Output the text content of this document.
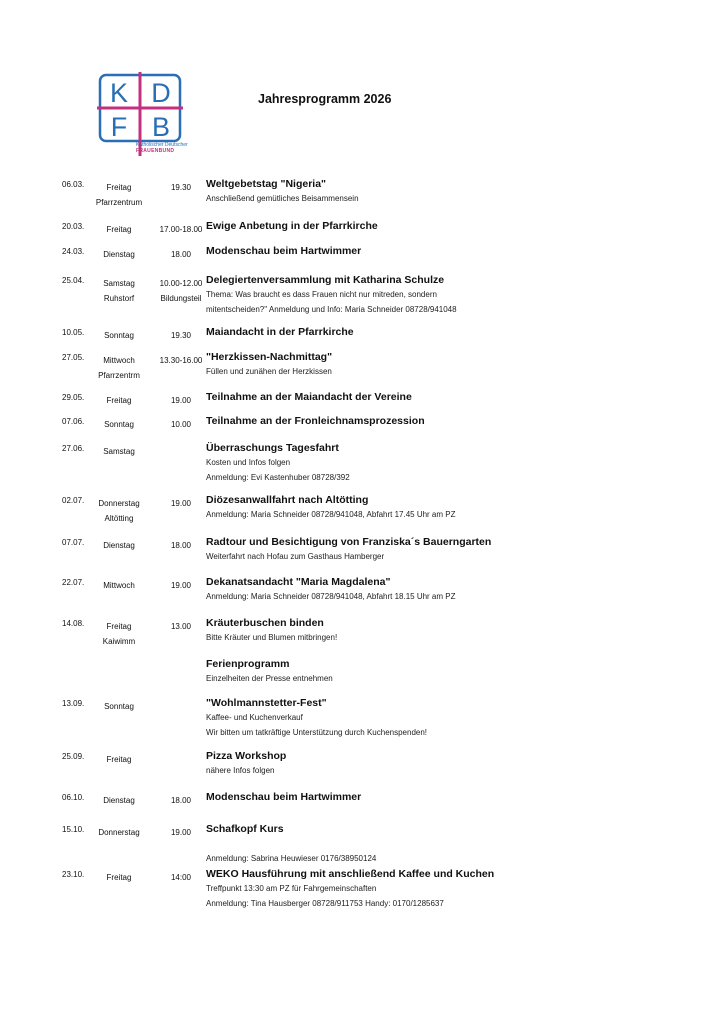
K D
F B
Katholischer Deutscher
FRAUENBUND
Jahresprogramm 2026
06.03.	Freitag
Pfarrzentrum
19.30	Weltgebetstag "Nigeria"
Anschließend gemütliches Beisammensein
20.03.	Freitag	17.00-18.00 Ewige Anbetung in der Pfarrkirche
24.03.	Dienstag	18.00	Modenschau beim Hartwimmer
25.04.	Samstag
Ruhstorf
10.00-12.00
Bildungsteil
Delegiertenversammlung mit Katharina Schulze
Thema: Was braucht es dass Frauen nicht nur mitreden, sondern
mitentscheiden?" Anmeldung und Info: Maria Schneider 08728/941048
10.05.	Sonntag	19.30	Maiandacht in der Pfarrkirche
27.05.	Mittwoch
Pfarrzentrm
13.30-16.00 "Herzkissen-Nachmittag"
Füllen und zunähen der Herzkissen
29.05.	Freitag	19.00	Teilnahme an der Maiandacht der Vereine
07.06.	Sonntag	10.00	Teilnahme an der Fronleichnamsprozession
27.06.	Samstag	Überraschungs Tagesfahrt
Kosten und Infos folgen
Anmeldung: Evi Kastenhuber 08728/392
02.07.	Donnerstag
Altötting
19.00	Diözesanwallfahrt nach Altötting
Anmeldung: Maria Schneider 08728/941048, Abfahrt 17.45 Uhr am PZ
07.07.	Dienstag	18.00	Radtour und Besichtigung von Franziska´s Bauerngarten
Weiterfahrt nach Hofau zum Gasthaus Hamberger
22.07.	Mittwoch	19.00	Dekanatsandacht "Maria Magdalena"
Anmeldung: Maria Schneider 08728/941048, Abfahrt 18.15 Uhr am PZ
14.08.	Freitag
Kaiwimm
13.00	Kräuterbuschen binden
Bitte Kräuter und Blumen mitbringen!
Ferienprogramm
Einzelheiten der Presse entnehmen
13.09.	Sonntag	"Wohlmannstetter-Fest"
Kaffee- und Kuchenverkauf
Wir bitten um tatkräftige Unterstützung durch Kuchenspenden!
25.09.	Freitag	Pizza Workshop
nähere Infos folgen
06.10.	Dienstag	18.00	Modenschau beim Hartwimmer
15.10.	Donnerstag	19.00	Schafkopf Kurs

Anmeldung: Sabrina Heuwieser 0176/38950124
23.10.	Freitag	14:00	WEKO Hausführung mit anschließend Kaffee und Kuchen
Treffpunkt 13:30 am PZ für Fahrgemeinschaften
Anmeldung: Tina Hausberger 08728/911753 Handy: 0170/1285637
